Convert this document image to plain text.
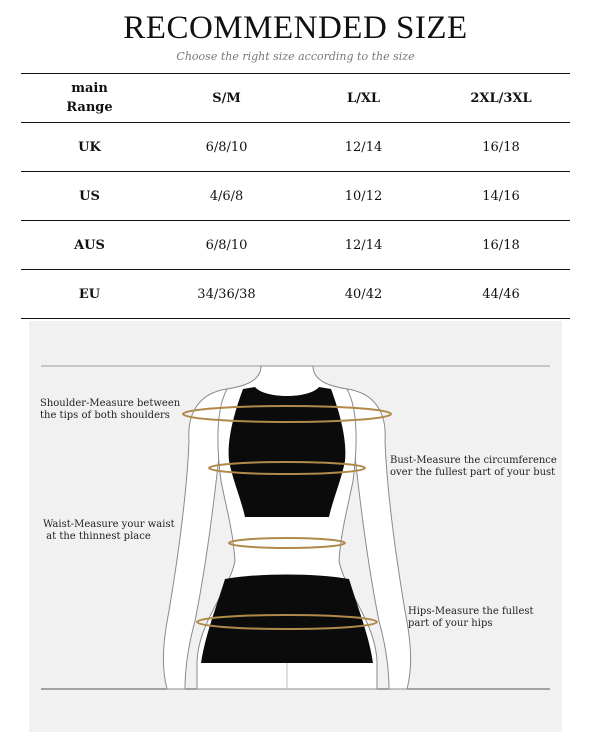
RECOMMENDED SIZE
Choose the right size according to the size
main
Range	S/M	L/XL	2XL/3XL
UK	6/8/10	12/14	16/18
US	4/6/8	10/12	14/16
AUS	6/8/10	12/14	16/18
EU	34/36/38	40/42	44/46
Shoulder-Measure between
the tips of both shoulders
Bust-Measure the circumference
over the fullest part of your bust
Waist-Measure your waist
at the thinnest place
Hips-Measure the fullest
part of your hips
